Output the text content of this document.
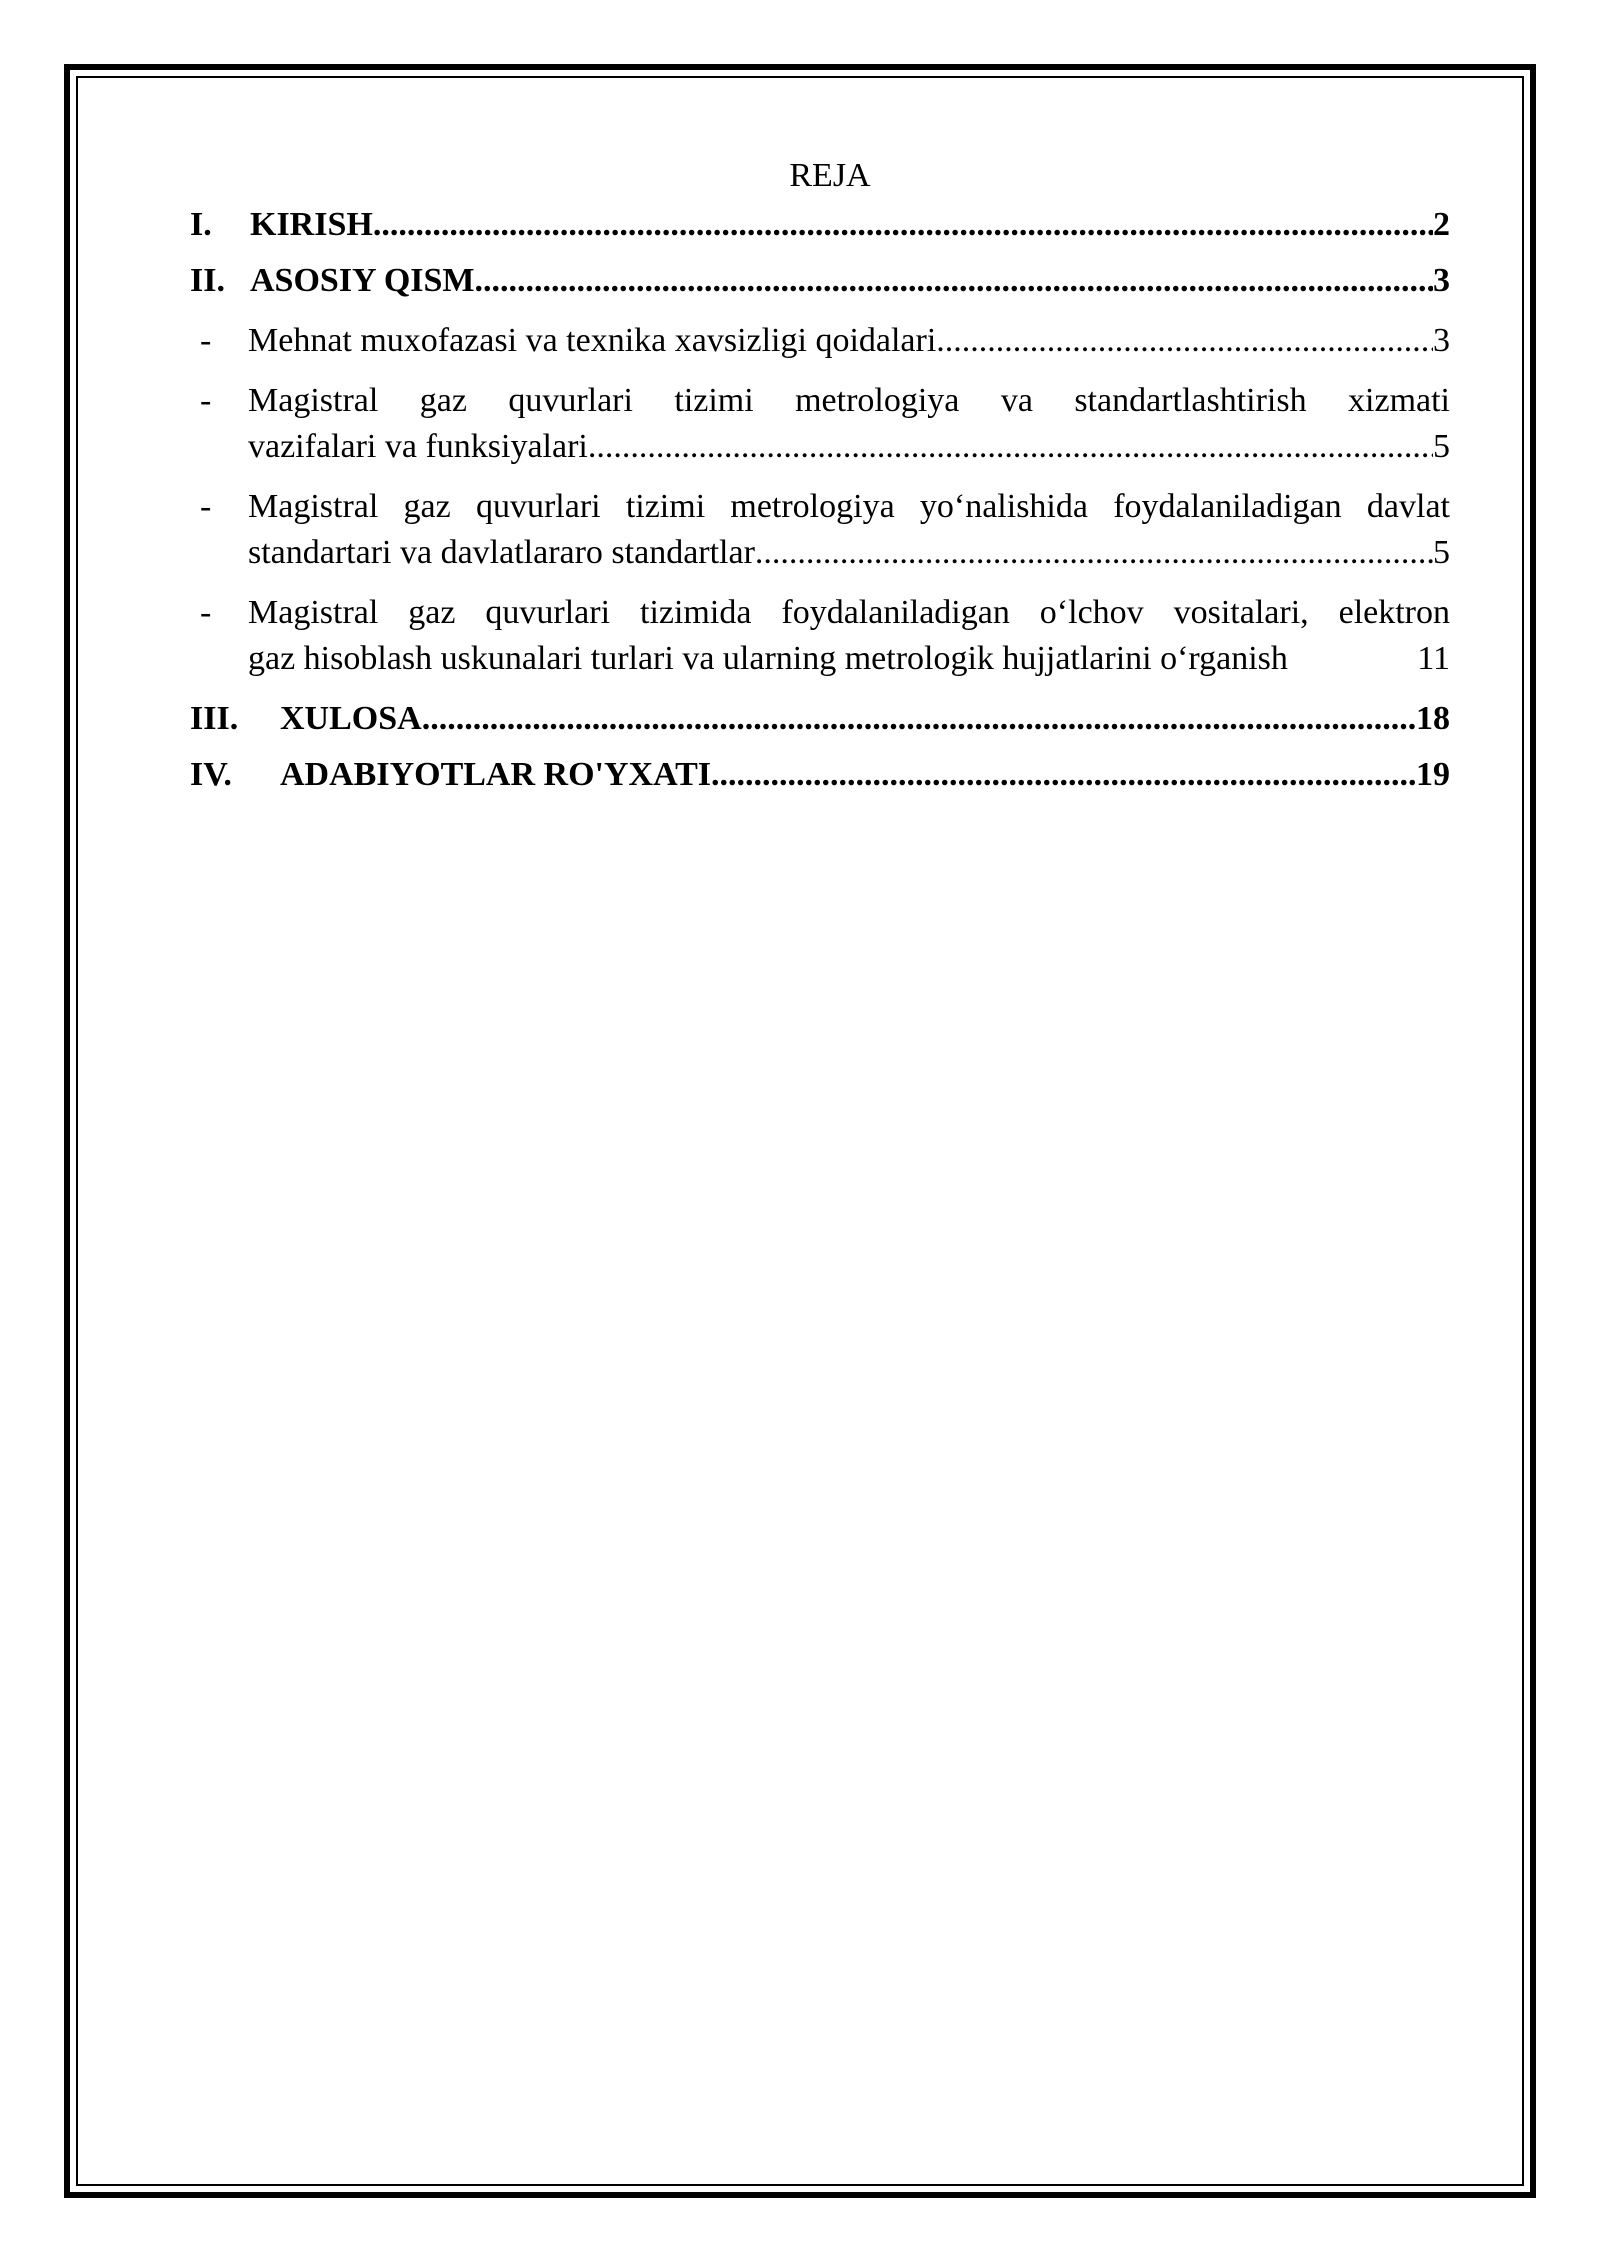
REJA
I.	KIRISH .....	2
II. ASOSIY QISM .....	3
- Mehnat muxofazasi va texnika xavsizligi qoidalari .....	3
- Magistral gaz quvurlari tizimi metrologiya va standartlashtirish xizmati
vazifalari va funksiyalari .....	5
- Magistral gaz quvurlari tizimi metrologiya yo‘nalishida foydalaniladigan davlat
standartari va davlatlararo standartlar .....	5
- Magistral gaz quvurlari tizimida foydalaniladigan o‘lchov vositalari, elektron
gaz hisoblash uskunalari turlari va ularning metrologik hujjatlarini o‘rganish	11
III.	XULOSA .....	18
IV.	ADABIYOTLAR RO'YXATI .....	19
